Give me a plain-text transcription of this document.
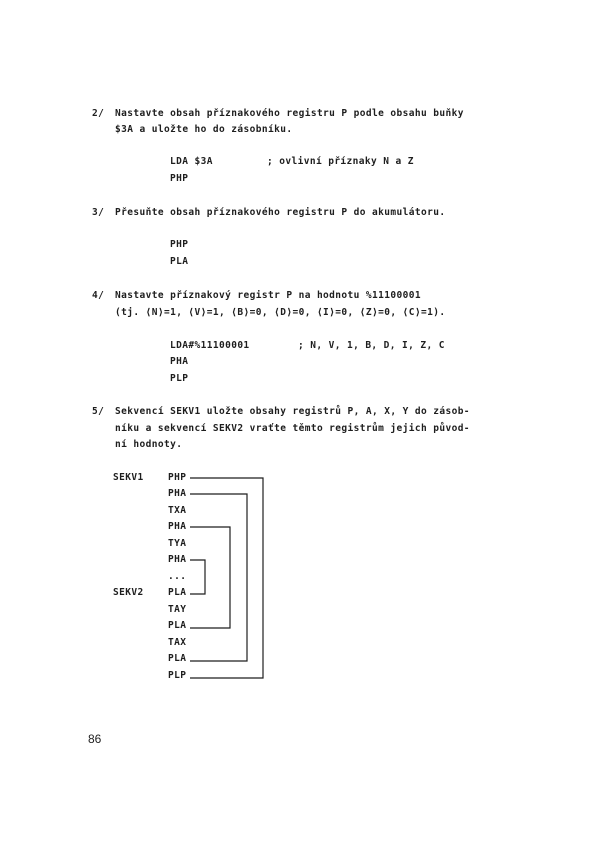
2/ Nastavte obsah příznakového registru P podle obsahu buňky
$3A a uložte ho do zásobníku.
LDA $3A	; ovlivní příznaky N a Z
PHP
3/ Přesuňte obsah příznakového registru P do akumulátoru.
PHP
PLA
4/ Nastavte příznakový registr P na hodnotu %11100001
(tj. ⟨N⟩=1, ⟨V⟩=1, ⟨B⟩=0, ⟨D⟩=0, ⟨I⟩=0, ⟨Z⟩=0, ⟨C⟩=1).
LDA#%11100001	; N, V, 1, B, D, I, Z, C
PHA
PLP
5/ Sekvencí SEKV1 uložte obsahy registrů P, A, X, Y do zásob-
níku a sekvencí SEKV2 vraťte těmto registrům jejich původ-
ní hodnoty.
SEKV1
SEKV2
PHP
PHA
TXA
PHA
TYA
PHA
...
PLA
TAY
PLA
TAX
PLA
PLP
86
